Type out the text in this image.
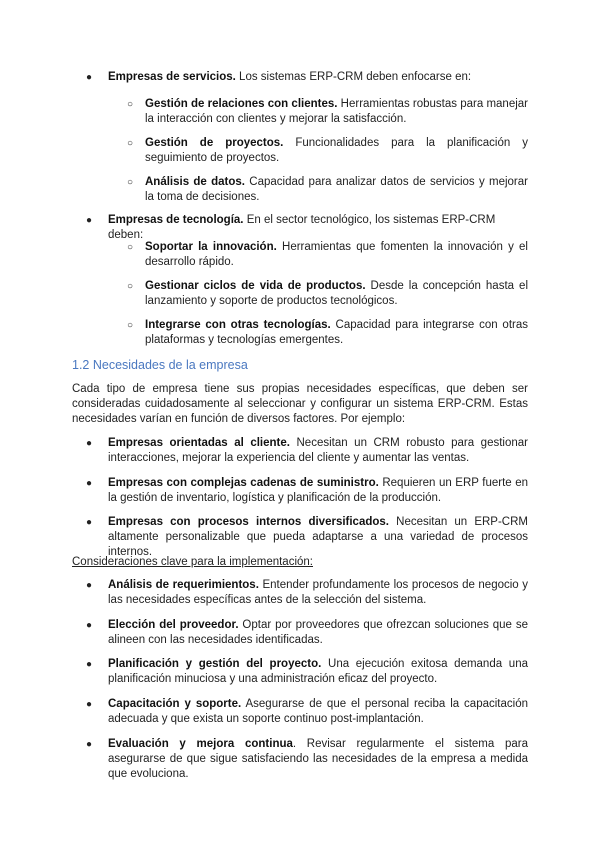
● Empresas de servicios. Los sistemas ERP-CRM deben enfocarse en:
○ Gestión de relaciones con clientes. Herramientas robustas para manejar la interacción con clientes y mejorar la satisfacción.
○ Gestión de proyectos. Funcionalidades para la planificación y seguimiento de proyectos.
○ Análisis de datos. Capacidad para analizar datos de servicios y mejorar la toma de decisiones.
● Empresas de tecnología. En el sector tecnológico, los sistemas ERP-CRM deben:
○ Soportar la innovación. Herramientas que fomenten la innovación y el desarrollo rápido.
○ Gestionar ciclos de vida de productos. Desde la concepción hasta el lanzamiento y soporte de productos tecnológicos.
○ Integrarse con otras tecnologías. Capacidad para integrarse con otras plataformas y tecnologías emergentes.
1.2 Necesidades de la empresa
Cada tipo de empresa tiene sus propias necesidades específicas, que deben ser consideradas cuidadosamente al seleccionar y configurar un sistema ERP-CRM. Estas necesidades varían en función de diversos factores. Por ejemplo:
● Empresas orientadas al cliente. Necesitan un CRM robusto para gestionar interacciones, mejorar la experiencia del cliente y aumentar las ventas.
● Empresas con complejas cadenas de suministro. Requieren un ERP fuerte en la gestión de inventario, logística y planificación de la producción.
● Empresas con procesos internos diversificados. Necesitan un ERP-CRM altamente personalizable que pueda adaptarse a una variedad de procesos internos.
Consideraciones clave para la implementación:
● Análisis de requerimientos. Entender profundamente los procesos de negocio y las necesidades específicas antes de la selección del sistema.
● Elección del proveedor. Optar por proveedores que ofrezcan soluciones que se alineen con las necesidades identificadas.
● Planificación y gestión del proyecto. Una ejecución exitosa demanda una planificación minuciosa y una administración eficaz del proyecto.
● Capacitación y soporte. Asegurarse de que el personal reciba la capacitación adecuada y que exista un soporte continuo post-implantación.
● Evaluación y mejora continua. Revisar regularmente el sistema para asegurarse de que sigue satisfaciendo las necesidades de la empresa a medida que evoluciona.
